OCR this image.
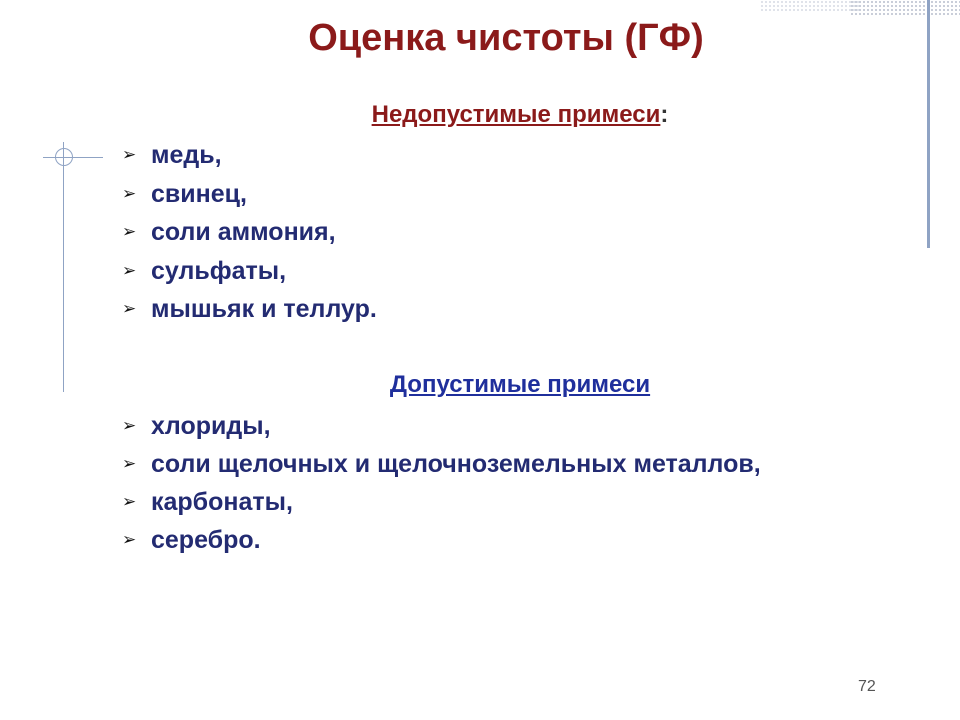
Оценка чистоты (ГФ)
Недопустимые примеси:
➢ медь,
➢ свинец,
➢ соли аммония,
➢ сульфаты,
➢ мышьяк и теллур.
Допустимые примеси
➢ хлориды,
➢ соли щелочных и щелочноземельных металлов,
➢ карбонаты,
➢ серебро.
72
